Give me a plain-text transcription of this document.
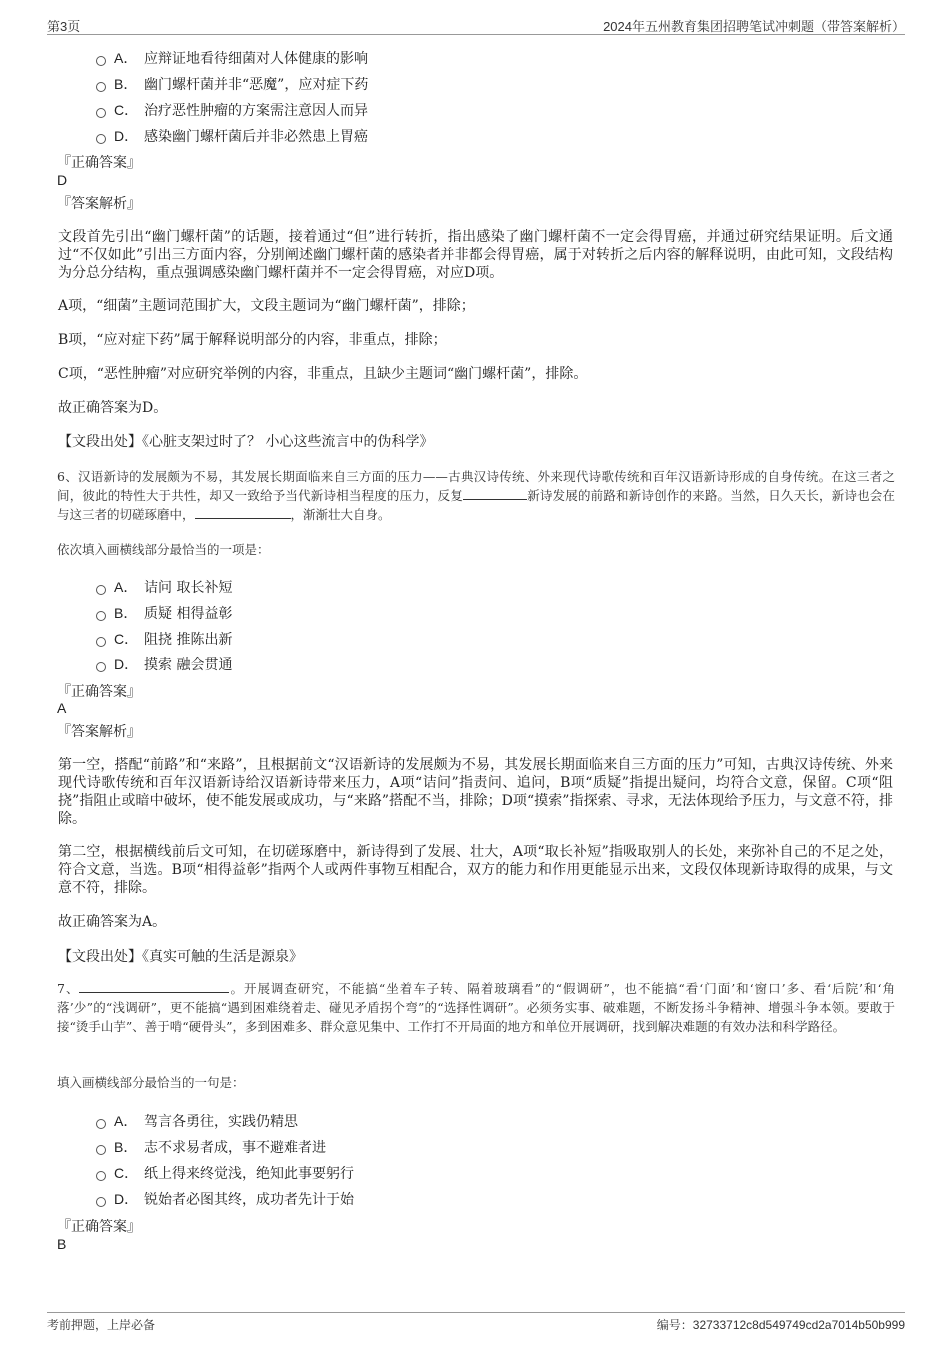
第3页	2024年五州教育集团招聘笔试冲刺题（带答案解析）
A． 应辩证地看待细菌对人体健康的影响
B． 幽门螺杆菌并非“恶魔”，应对症下药
C． 治疗恶性肿瘤的方案需注意因人而异
D． 感染幽门螺杆菌后并非必然患上胃癌
『正确答案』
D
『答案解析』
文段首先引出“幽门螺杆菌”的话题，接着通过“但”进行转折，指出感染了幽门螺杆菌不一定会得胃癌，并通过研究结果证明。后文通过“不仅如此”引出三方面内容，分别阐述幽门螺杆菌的感染者并非都会得胃癌，属于对转折之后内容的解释说明，由此可知，文段结构为分总分结构，重点强调感染幽门螺杆菌并不一定会得胃癌，对应D项。
A项，“细菌”主题词范围扩大，文段主题词为“幽门螺杆菌”，排除；
B项，“应对症下药”属于解释说明部分的内容，非重点，排除；
C项，“恶性肿瘤”对应研究举例的内容，非重点，且缺少主题词“幽门螺杆菌”，排除。
故正确答案为D。
【文段出处】《心脏支架过时了？ 小心这些流言中的伪科学》
6、汉语新诗的发展颇为不易，其发展长期面临来自三方面的压力——古典汉诗传统、外来现代诗歌传统和百年汉语新诗形成的自身传统。在这三者之间，彼此的特性大于共性，却又一致给予当代新诗相当程度的压力，反复	新诗发展的前路和新诗创作的来路。当然，日久天长，新诗也会在与这三者的切磋琢磨中，	，渐渐壮大自身。
依次填入画横线部分最恰当的一项是：
A． 诘问 取长补短
B． 质疑 相得益彰
C． 阻挠 推陈出新
D． 摸索 融会贯通
『正确答案』
A
『答案解析』
第一空，搭配“前路”和“来路”，且根据前文“汉语新诗的发展颇为不易，其发展长期面临来自三方面的压力”可知，古典汉诗传统、外来现代诗歌传统和百年汉语新诗给汉语新诗带来压力，A项“诘问”指责问、追问，B项“质疑”指提出疑问，均符合文意，保留。C项“阻挠”指阻止或暗中破坏，使不能发展或成功，与“来路”搭配不当，排除；D项“摸索”指探索、寻求，无法体现给予压力，与文意不符，排除。
第二空，根据横线前后文可知，在切磋琢磨中，新诗得到了发展、壮大，A项“取长补短”指吸取别人的长处，来弥补自己的不足之处，符合文意，当选。B项“相得益彰”指两个人或两件事物互相配合，双方的能力和作用更能显示出来，文段仅体现新诗取得的成果，与文意不符，排除。
故正确答案为A。
【文段出处】《真实可触的生活是源泉》
7、	。开展调查研究，不能搞“坐着车子转、隔着玻璃看”的“假调研”，也不能搞“看‘门面’和‘窗口’多、看‘后院’和‘角落’少”的“浅调研”，更不能搞“遇到困难绕着走、碰见矛盾拐个弯”的“选择性调研”。必须务实事、破难题，不断发扬斗争精神、增强斗争本领。要敢于接“烫手山芋”、善于啃“硬骨头”，多到困难多、群众意见集中、工作打不开局面的地方和单位开展调研，找到解决难题的有效办法和科学路径。
填入画横线部分最恰当的一句是：
A． 驾言各勇往，实践仍精思
B． 志不求易者成，事不避难者进
C． 纸上得来终觉浅，绝知此事要躬行
D． 锐始者必图其终，成功者先计于始
『正确答案』
B
考前押题，上岸必备	编号：32733712c8d549749cd2a7014b50b999
